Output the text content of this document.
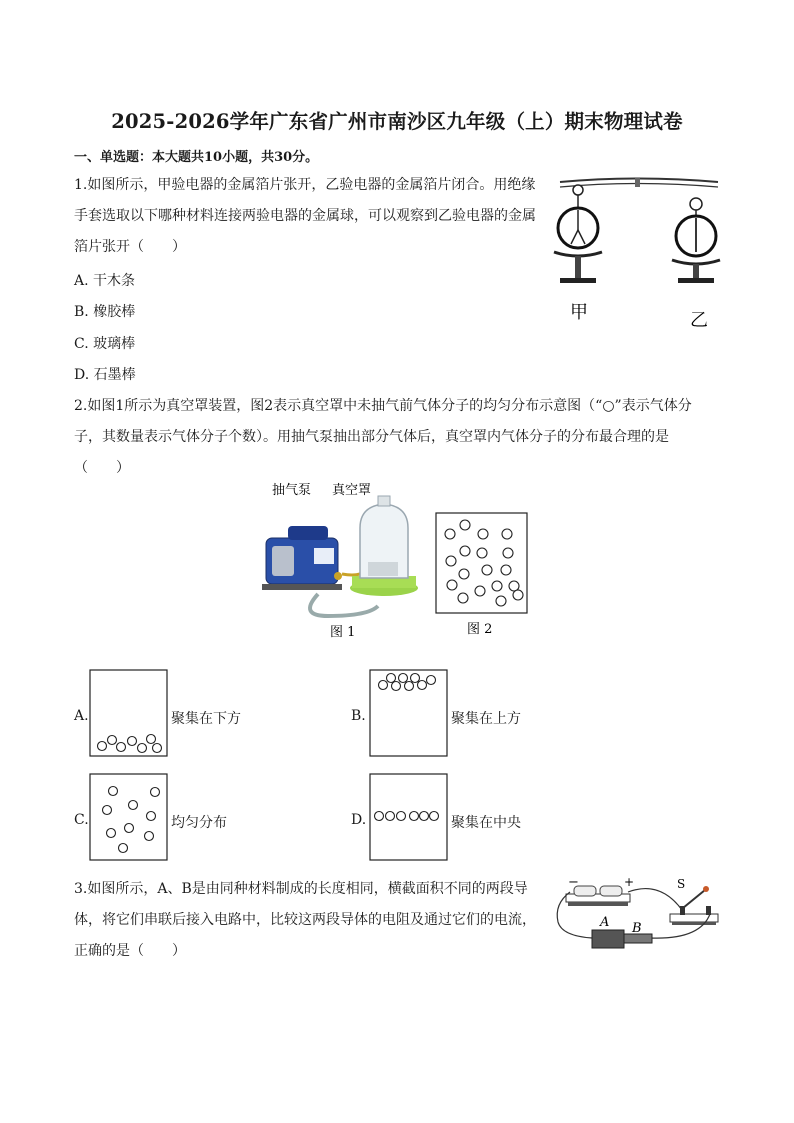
2025-2026学年广东省广州市南沙区九年级（上）期末物理试卷
一、单选题：本大题共10小题，共30分。
1.如图所示，甲验电器的金属箔片张开，乙验电器的金属箔片闭合。用绝缘
手套选取以下哪种材料连接两验电器的金属球，可以观察到乙验电器的金属
箔片张开（　　）
A. 干木条
B. 橡胶棒
C. 玻璃棒
D. 石墨棒
甲	乙
2.如图1所示为真空罩装置，图2表示真空罩中未抽气前气体分子的均匀分布示意图（“○”表示气体分
子，其数量表示气体分子个数）。用抽气泵抽出部分气体后，真空罩内气体分子的分布最合理的是
（　　）
抽气泵 真空罩
图 1	图 2
A.	聚集在下方	B.	聚集在上方
C.	均匀分布	D.	聚集在中央
3.如图所示，A、B是由同种材料制成的长度相同，横截面积不同的两段导
体，将它们串联后接入电路中，比较这两段导体的电阻及通过它们的电流，
正确的是（　　）
−	+	S
A B
